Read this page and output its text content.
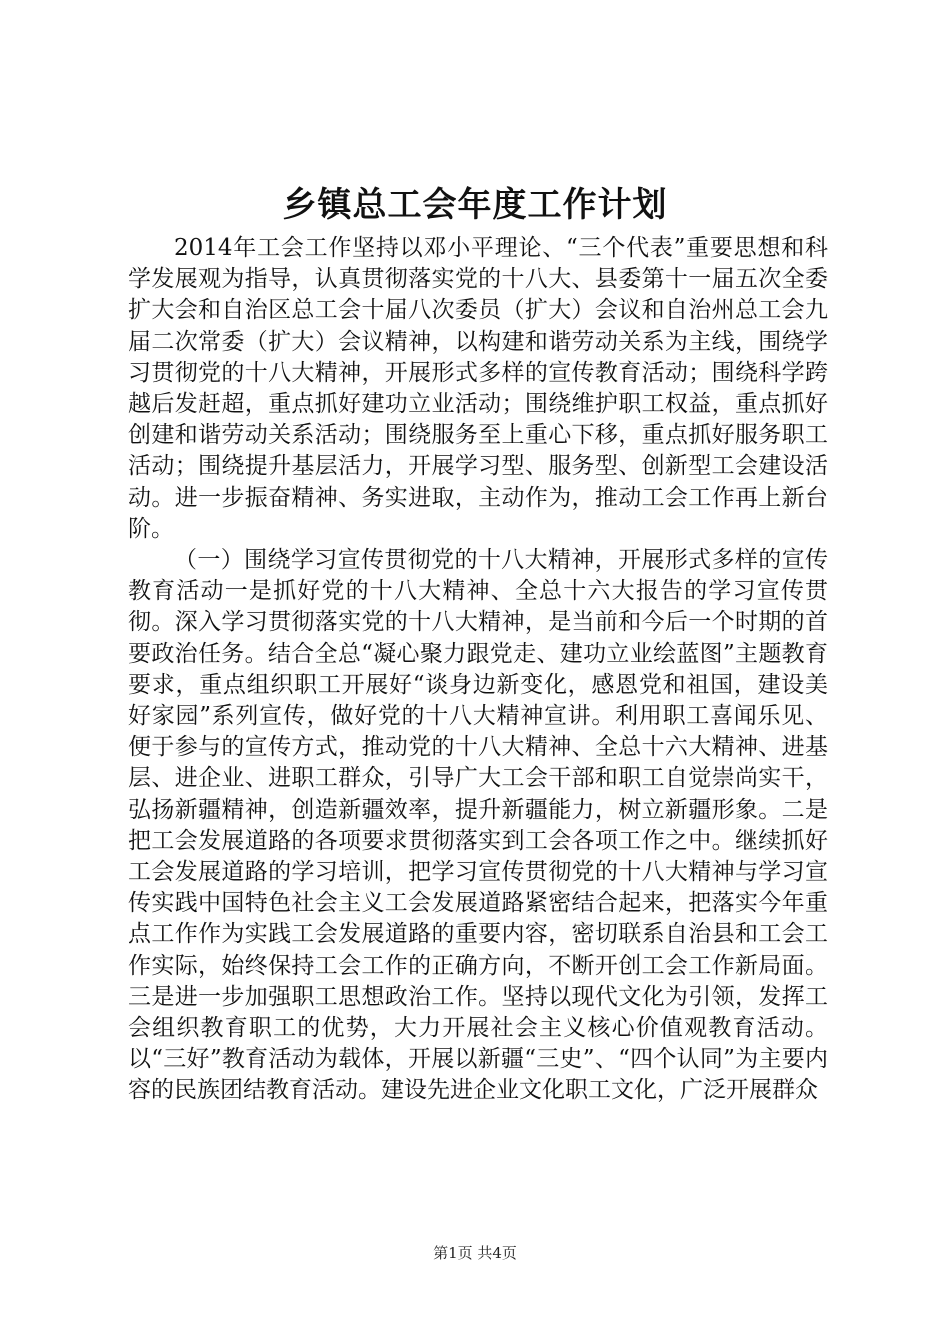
乡镇总工会年度工作计划

2014年工会工作坚持以邓小平理论、“三个代表”重要思想和科学发展观为指导，认真贯彻落实党的十八大、县委第十一届五次全委扩大会和自治区总工会十届八次委员（扩大）会议和自治州总工会九届二次常委（扩大）会议精神，以构建和谐劳动关系为主线，围绕学习贯彻党的十八大精神，开展形式多样的宣传教育活动；围绕科学跨越后发赶超，重点抓好建功立业活动；围绕维护职工权益，重点抓好创建和谐劳动关系活动；围绕服务至上重心下移，重点抓好服务职工活动；围绕提升基层活力，开展学习型、服务型、创新型工会建设活动。进一步振奋精神、务实进取，主动作为，推动工会工作再上新台阶。

（一）围绕学习宣传贯彻党的十八大精神，开展形式多样的宣传教育活动一是抓好党的十八大精神、全总十六大报告的学习宣传贯彻。深入学习贯彻落实党的十八大精神，是当前和今后一个时期的首要政治任务。结合全总“凝心聚力跟党走、建功立业绘蓝图”主题教育要求，重点组织职工开展好“谈身边新变化，感恩党和祖国，建设美好家园”系列宣传，做好党的十八大精神宣讲。利用职工喜闻乐见、便于参与的宣传方式，推动党的十八大精神、全总十六大精神、进基层、进企业、进职工群众，引导广大工会干部和职工自觉崇尚实干，弘扬新疆精神，创造新疆效率，提升新疆能力，树立新疆形象。二是把工会发展道路的各项要求贯彻落实到工会各项工作之中。继续抓好工会发展道路的学习培训，把学习宣传贯彻党的十八大精神与学习宣传实践中国特色社会主义工会发展道路紧密结合起来，把落实今年重点工作作为实践工会发展道路的重要内容，密切联系自治县和工会工作实际，始终保持工会工作的正确方向，不断开创工会工作新局面。三是进一步加强职工思想政治工作。坚持以现代文化为引领，发挥工会组织教育职工的优势，大力开展社会主义核心价值观教育活动。以“三好”教育活动为载体，开展以新疆“三史”、“四个认同”为主要内容的民族团结教育活动。建设先进企业文化职工文化，广泛开展群众

第1页 共4页
